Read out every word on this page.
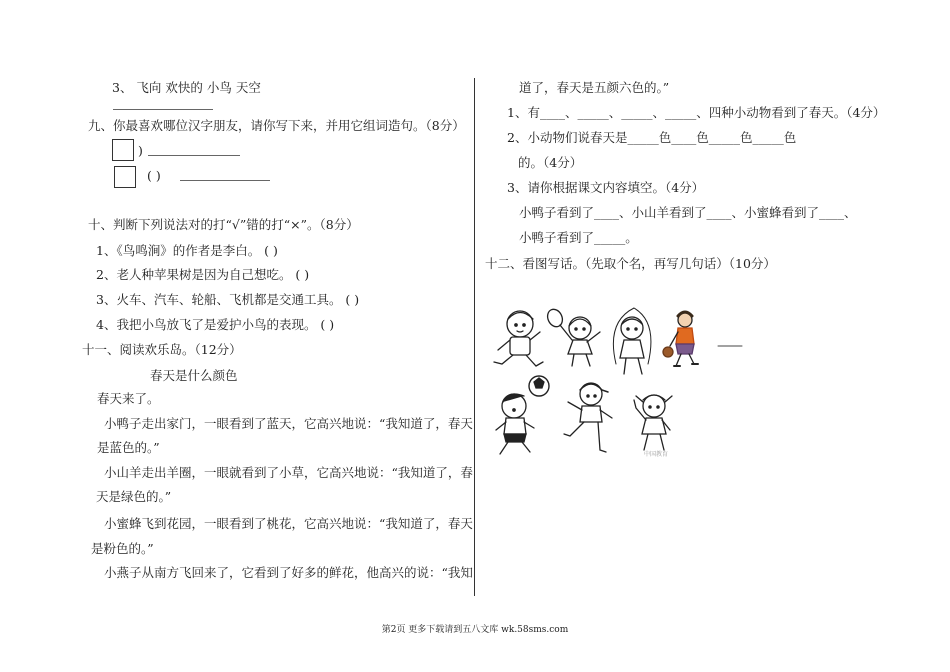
3、 飞向 欢快的 小鸟 天空
九、你最喜欢哪位汉字朋友，请你写下来，并用它组词造句。（8分）
)
( )
十、判断下列说法对的打“√”错的打“×”。（8分）
1、《鸟鸣涧》的作者是李白。 ( )
2、老人种苹果树是因为自己想吃。 ( )
3、火车、汽车、轮船、飞机都是交通工具。 ( )
4、我把小鸟放飞了是爱护小鸟的表现。 ( )
十一、阅读欢乐岛。（12分）
春天是什么颜色
春天来了。
小鸭子走出家门，一眼看到了蓝天，它高兴地说：“我知道了，春天
是蓝色的。”
小山羊走出羊圈，一眼就看到了小草，它高兴地说：“我知道了，春
天是绿色的。”
小蜜蜂飞到花园，一眼看到了桃花，它高兴地说：“我知道了，春天
是粉色的。”
小燕子从南方飞回来了，它看到了好多的鲜花，他高兴的说：“我知
道了，春天是五颜六色的。”
1、有____、_____、_____、_____、四种小动物看到了春天。（4分）
2、小动物们说春天是_____色____色_____色_____色
的。（4分）
3、请你根据课文内容填空。（4分）
小鸭子看到了____、小山羊看到了____、小蜜蜂看到了____、
小鸭子看到了_____。
十二、看图写话。（先取个名，再写几句话）（10分）
中国教育
第2页 更多下载请到五八文库 wk.58sms.com
